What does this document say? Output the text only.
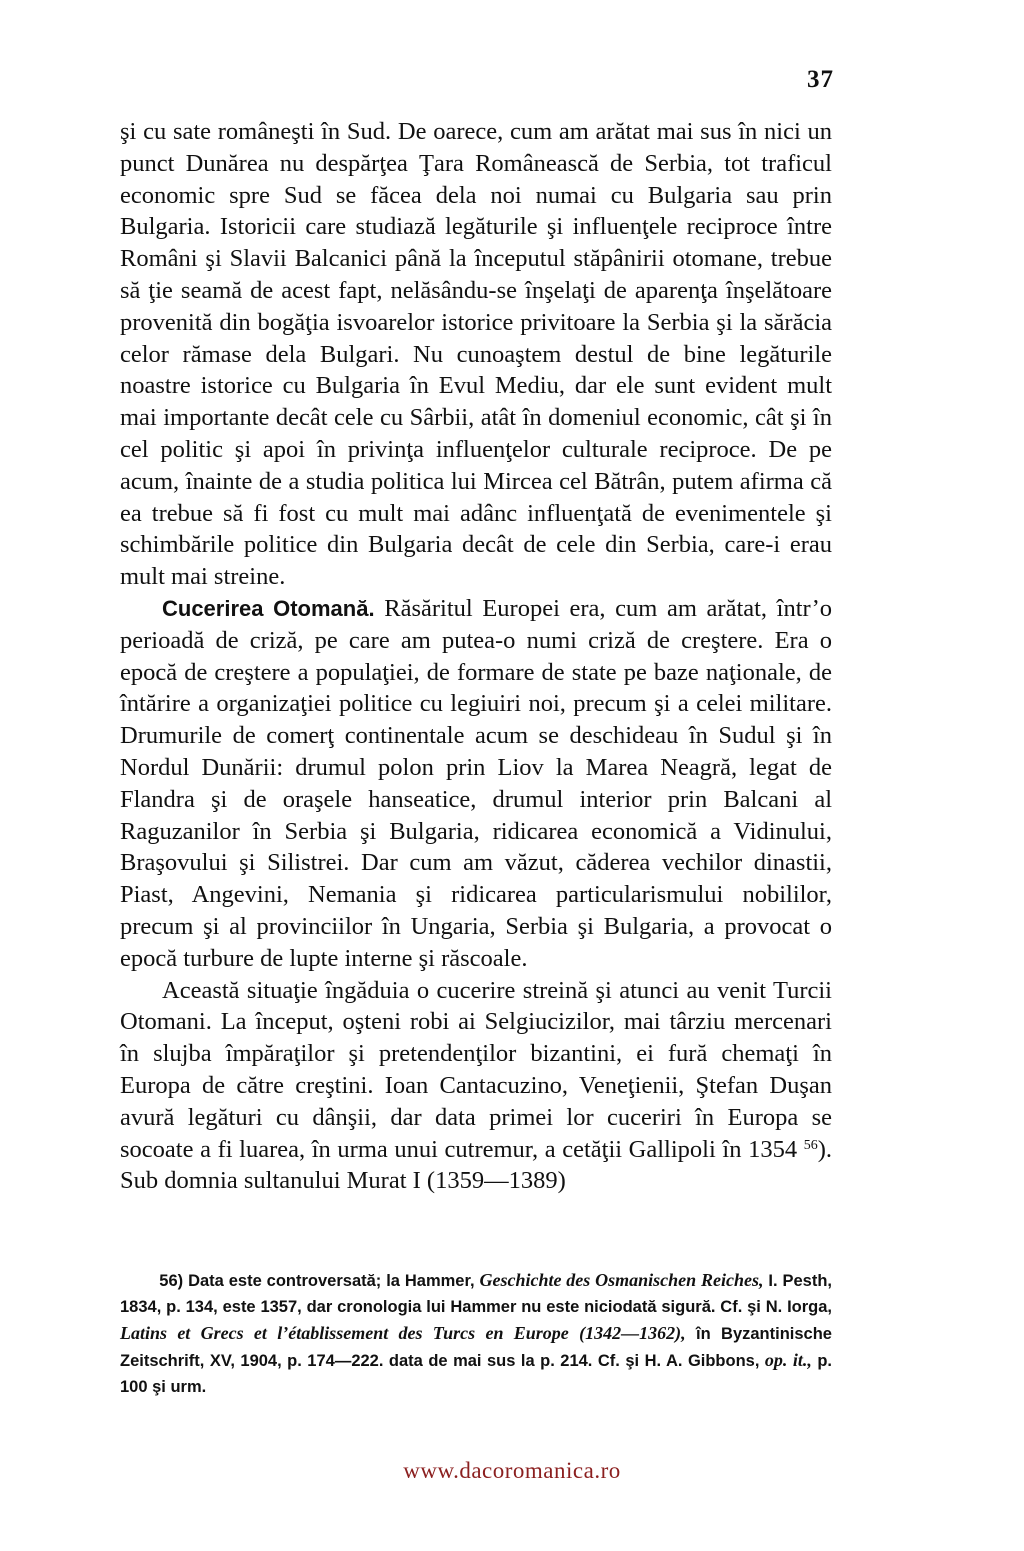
37

şi cu sate româneşti în Sud. De oarece, cum am arătat mai sus în nici un punct Dunărea nu despărţea Ţara Românească de Serbia, tot traficul economic spre Sud se făcea dela noi numai cu Bulgaria sau prin Bulgaria. Istoricii care studiază legăturile şi influenţele reciproce între Români şi Slavii Balcanici până la începutul stăpânirii otomane, trebue să ţie seamă de acest fapt, nelăsându-se înşelaţi de aparenţa înşelătoare provenită din bogăţia isvoarelor istorice privitoare la Serbia şi la sărăcia celor rămase dela Bulgari. Nu cunoaştem destul de bine legăturile noastre istorice cu Bulgaria în Evul Mediu, dar ele sunt evident mult mai importante decât cele cu Sârbii, atât în domeniul economic, cât şi în cel politic şi apoi în privinţa influenţelor culturale reciproce. De pe acum, înainte de a studia politica lui Mircea cel Bătrân, putem afirma că ea trebue să fi fost cu mult mai adânc influenţată de evenimentele şi schimbările politice din Bulgaria decât de cele din Serbia, care-i erau mult mai streine.

Cucerirea Otomană. Răsăritul Europei era, cum am arătat, într’o perioadă de criză, pe care am putea-o numi criză de creştere. Era o epocă de creştere a populaţiei, de formare de state pe baze naţionale, de întărire a organizaţiei politice cu legiuiri noi, precum şi a celei militare. Drumurile de comerţ continentale acum se deschideau în Sudul şi în Nordul Dunării: drumul polon prin Liov la Marea Neagră, legat de Flandra şi de oraşele hanseatice, drumul interior prin Balcani al Raguzanilor în Serbia şi Bulgaria, ridicarea economică a Vidinului, Braşovului şi Silistrei. Dar cum am văzut, căderea vechilor dinastii, Piast, Angevini, Nemania şi ridicarea particularismului nobililor, precum şi al provinciilor în Ungaria, Serbia şi Bulgaria, a provocat o epocă turbure de lupte interne şi răscoale.

Această situaţie îngăduia o cucerire streină şi atunci au venit Turcii Otomani. La început, oşteni robi ai Selgiucizilor, mai târziu mercenari în slujba împăraţilor şi pretendenţilor bizantini, ei fură chemaţi în Europa de către creştini. Ioan Cantacuzino, Veneţienii, Ştefan Duşan avură legături cu dânşii, dar data primei lor cuceriri în Europa se socoate a fi luarea, în urma unui cutremur, a cetăţii Gallipoli în 1354 $^{56}$). Sub domnia sultanului Murat I (1359—1389)

56) Data este controversată; la Hammer, Geschichte des Osmanischen Reiches, I. Pesth, 1834, p. 134, este 1357, dar cronologia lui Hammer nu este niciodată sigură. Cf. şi N. Iorga, Latins et Grecs et l’établissement des Turcs en Europe (1342—1362), în Byzantinische Zeitschrift, XV, 1904, p. 174—222. data de mai sus la p. 214. Cf. şi H. A. Gibbons, op. it., p. 100 şi urm.
www.dacoromanica.ro
